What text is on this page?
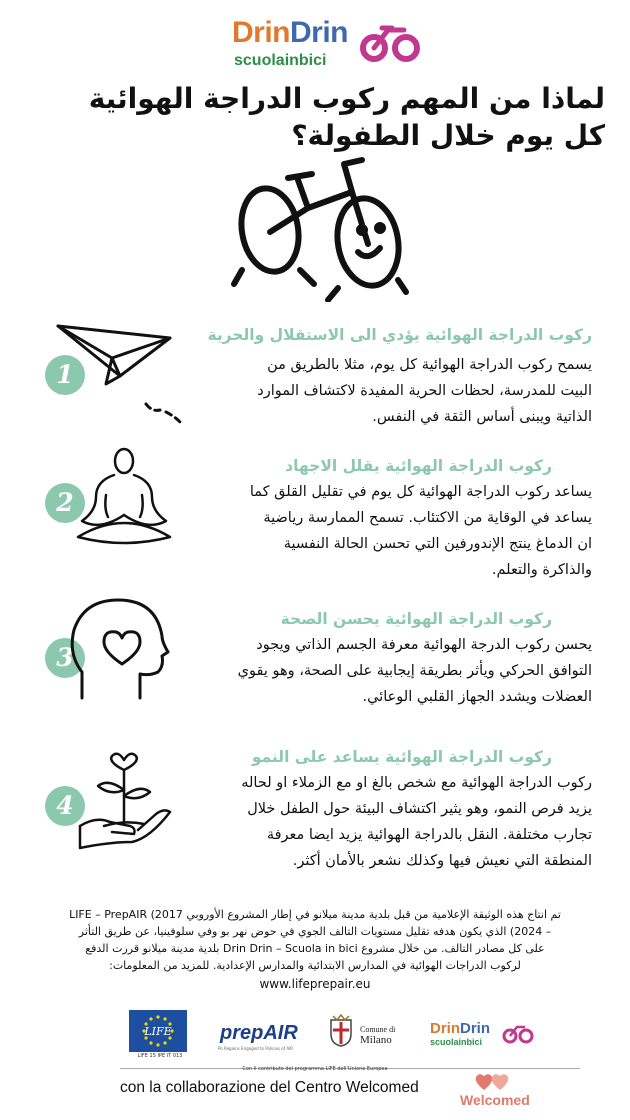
DrinDrin
scuolainbici
لماذا من المهم ركوب الدراجة الهوائية كل يوم خلال الطفولة؟
1
ركوب الدراجة الهوائية يؤدي الى الاستقلال والحرية
يسمح ركوب الدراجة الهوائية كل يوم، مثلا بالطريق من
البيت للمدرسة، لحظات الحرية المفيدة لاكتشاف الموارد
الذاتية ويبنى أساس الثقة في النفس.
2
ركوب الدراجة الهوائية يقلل الاجهاد
يساعد ركوب الدراجة الهوائية كل يوم في تقليل القلق كما
يساعد في الوقاية من الاكتئاب. تسمح الممارسة رياضية
ان الدماغ ينتج الإندورفين التي تحسن الحالة النفسية
والذاكرة والتعلم.
3
ركوب الدراجة الهوائية يحسن الصحة
يحسن ركوب الدرجة الهوائية معرفة الجسم الذاتي ويجود
التوافق الحركي ويأثر بطريقة إيجابية على الصحة، وهو يقوي
العضلات ويشدد الجهاز القلبي الوعائي.
4
ركوب الدراجة الهوائية يساعد على النمو
ركوب الدراجة الهوائية مع شخص بالغ او مع الزملاء او لحاله
يزيد فرص النمو، وهو يثير اكتشاف البيئة حول الطفل خلال
تجارب مختلفة. النقل بالدراجة الهوائية يزيد ايضا معرفة
المنطقة التي نعيش فيها وكذلك نشعر بالأمان أكثر.
تم انتاج هذه الوثيقة الإعلامية من قبل بلدية مدينة ميلانو في إطار المشروع الأوروبي LIFE – PrepAIR (2017
– 2024) الذي يكون هدفه تقليل مستويات التالف الجوي في حوض نهر بو وفي سلوفينيا، عن طريق التأثر
على كل مصادر التالف. من خلال مشروع Drin Drin – Scuola in bici بلدية مدينة ميلانو قررت الدفع
لركوب الدراجات الهوائية في المدارس الابتدائية والمدارس الإعدادية. للمزيد من المعلومات:
www.lifeprepair.eu
LIFE
LIFE 15 IPE IT 013
prepAIR
Po Regions Engaged to Policies of AIR
Comune di
Milano
DrinDrin
scuolainbici
Con il contributo del programma LIFE dell'Unione Europea
con la collaborazione del Centro Welcomed
Welcomed
